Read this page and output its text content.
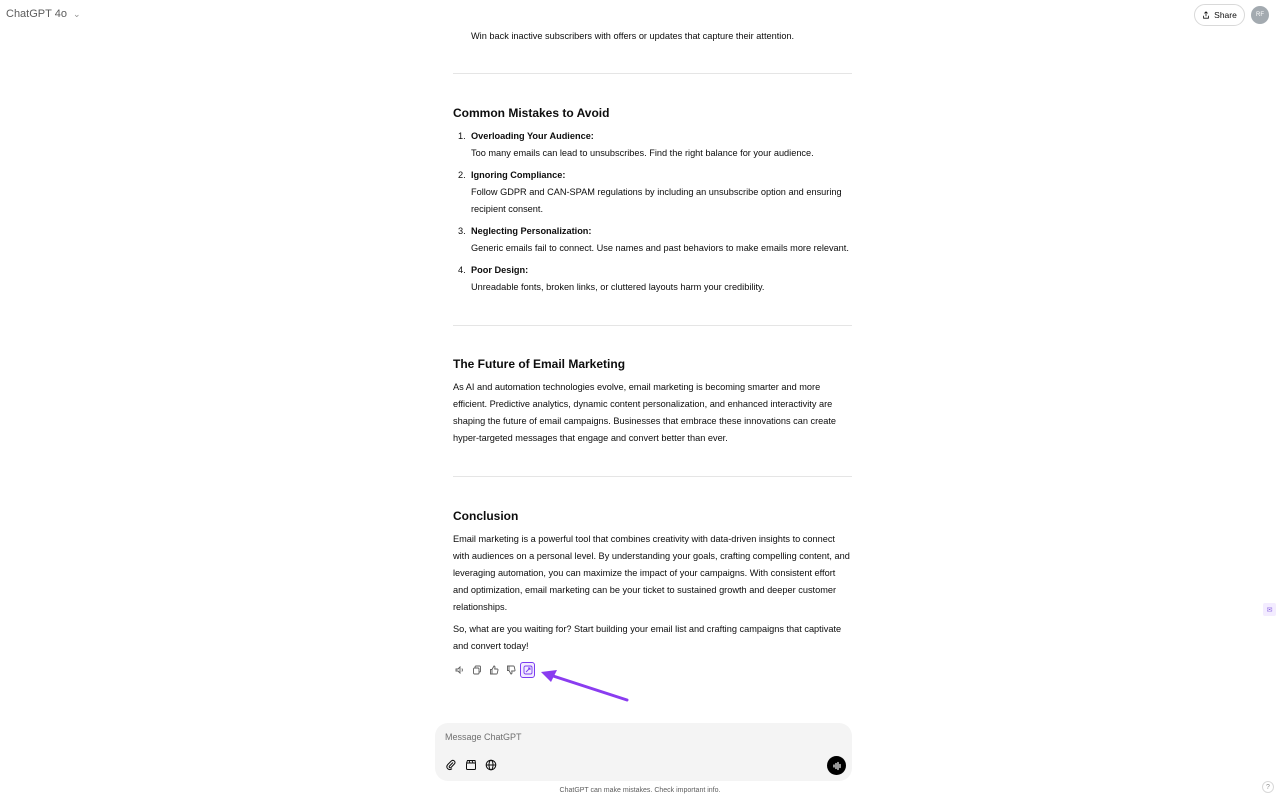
ChatGPT 4o ⌄	Share	RF
Win back inactive subscribers with offers or updates that capture their attention.
Common Mistakes to Avoid
1. Overloading Your Audience:
Too many emails can lead to unsubscribes. Find the right balance for your audience.
2. Ignoring Compliance:
Follow GDPR and CAN-SPAM regulations by including an unsubscribe option and ensuring recipient consent.
3. Neglecting Personalization:
Generic emails fail to connect. Use names and past behaviors to make emails more relevant.
4. Poor Design:
Unreadable fonts, broken links, or cluttered layouts harm your credibility.
The Future of Email Marketing
As AI and automation technologies evolve, email marketing is becoming smarter and more efficient. Predictive analytics, dynamic content personalization, and enhanced interactivity are shaping the future of email campaigns. Businesses that embrace these innovations can create hyper-targeted messages that engage and convert better than ever.
Conclusion

Email marketing is a powerful tool that combines creativity with data-driven insights to connect with audiences on a personal level. By understanding your goals, crafting compelling content, and leveraging automation, you can maximize the impact of your campaigns. With consistent effort and optimization, email marketing can be your ticket to sustained growth and deeper customer relationships.

So, what are you waiting for? Start building your email list and crafting campaigns that captivate and convert today!

Message ChatGPT
ChatGPT can make mistakes. Check important info.
✉
?
